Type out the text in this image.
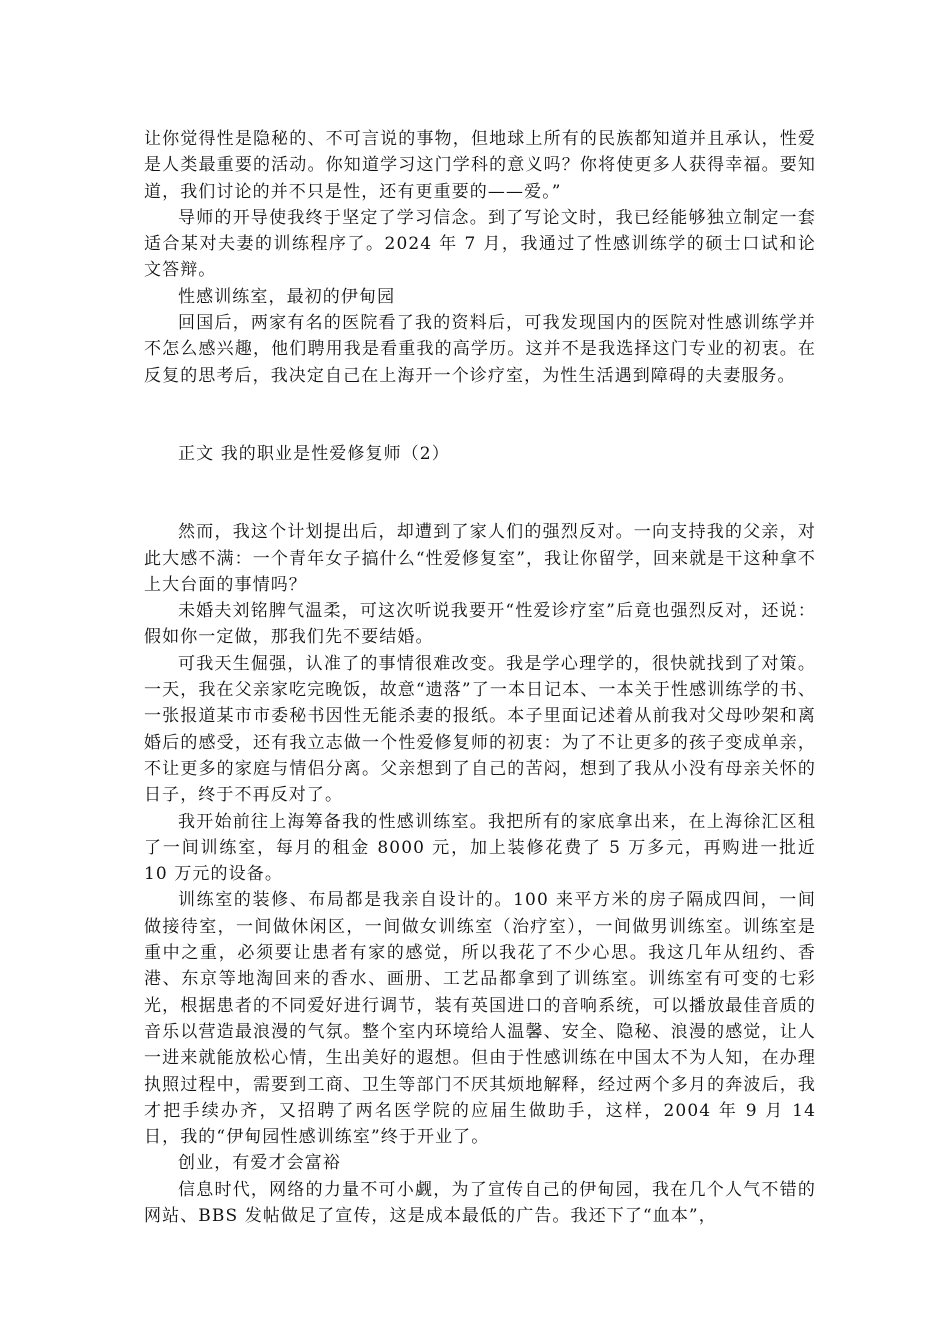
让你觉得性是隐秘的、不可言说的事物，但地球上所有的民族都知道并且承认，性爱是人类最重要的活动。你知道学习这门学科的意义吗？你将使更多人获得幸福。要知道，我们讨论的并不只是性，还有更重要的——爱。”

导师的开导使我终于坚定了学习信念。到了写论文时，我已经能够独立制定一套适合某对夫妻的训练程序了。2024 年 7 月，我通过了性感训练学的硕士口试和论文答辩。

性感训练室，最初的伊甸园

回国后，两家有名的医院看了我的资料后，可我发现国内的医院对性感训练学并不怎么感兴趣，他们聘用我是看重我的高学历。这并不是我选择这门专业的初衷。在反复的思考后，我决定自己在上海开一个诊疗室，为性生活遇到障碍的夫妻服务。

正文 我的职业是性爱修复师（2）

然而，我这个计划提出后，却遭到了家人们的强烈反对。一向支持我的父亲，对此大感不满：一个青年女子搞什么“性爱修复室”，我让你留学，回来就是干这种拿不上大台面的事情吗？

未婚夫刘铭脾气温柔，可这次听说我要开“性爱诊疗室”后竟也强烈反对，还说：假如你一定做，那我们先不要结婚。

可我天生倔强，认准了的事情很难改变。我是学心理学的，很快就找到了对策。一天，我在父亲家吃完晚饭，故意“遗落”了一本日记本、一本关于性感训练学的书、一张报道某市市委秘书因性无能杀妻的报纸。本子里面记述着从前我对父母吵架和离婚后的感受，还有我立志做一个性爱修复师的初衷：为了不让更多的孩子变成单亲，不让更多的家庭与情侣分离。父亲想到了自己的苦闷，想到了我从小没有母亲关怀的日子，终于不再反对了。

我开始前往上海筹备我的性感训练室。我把所有的家底拿出来，在上海徐汇区租了一间训练室，每月的租金 8000 元，加上装修花费了 5 万多元，再购进一批近 10 万元的设备。

训练室的装修、布局都是我亲自设计的。100 来平方米的房子隔成四间，一间做接待室，一间做休闲区，一间做女训练室（治疗室），一间做男训练室。训练室是重中之重，必须要让患者有家的感觉，所以我花了不少心思。我这几年从纽约、香港、东京等地淘回来的香水、画册、工艺品都拿到了训练室。训练室有可变的七彩光，根据患者的不同爱好进行调节，装有英国进口的音响系统，可以播放最佳音质的音乐以营造最浪漫的气氛。整个室内环境给人温馨、安全、隐秘、浪漫的感觉，让人一进来就能放松心情，生出美好的遐想。但由于性感训练在中国太不为人知，在办理执照过程中，需要到工商、卫生等部门不厌其烦地解释，经过两个多月的奔波后，我才把手续办齐，又招聘了两名医学院的应届生做助手，这样，2004 年 9 月 14 日，我的“伊甸园性感训练室”终于开业了。

创业，有爱才会富裕

信息时代，网络的力量不可小觑，为了宣传自己的伊甸园，我在几个人气不错的网站、BBS 发帖做足了宣传，这是成本最低的广告。我还下了“血本”，
